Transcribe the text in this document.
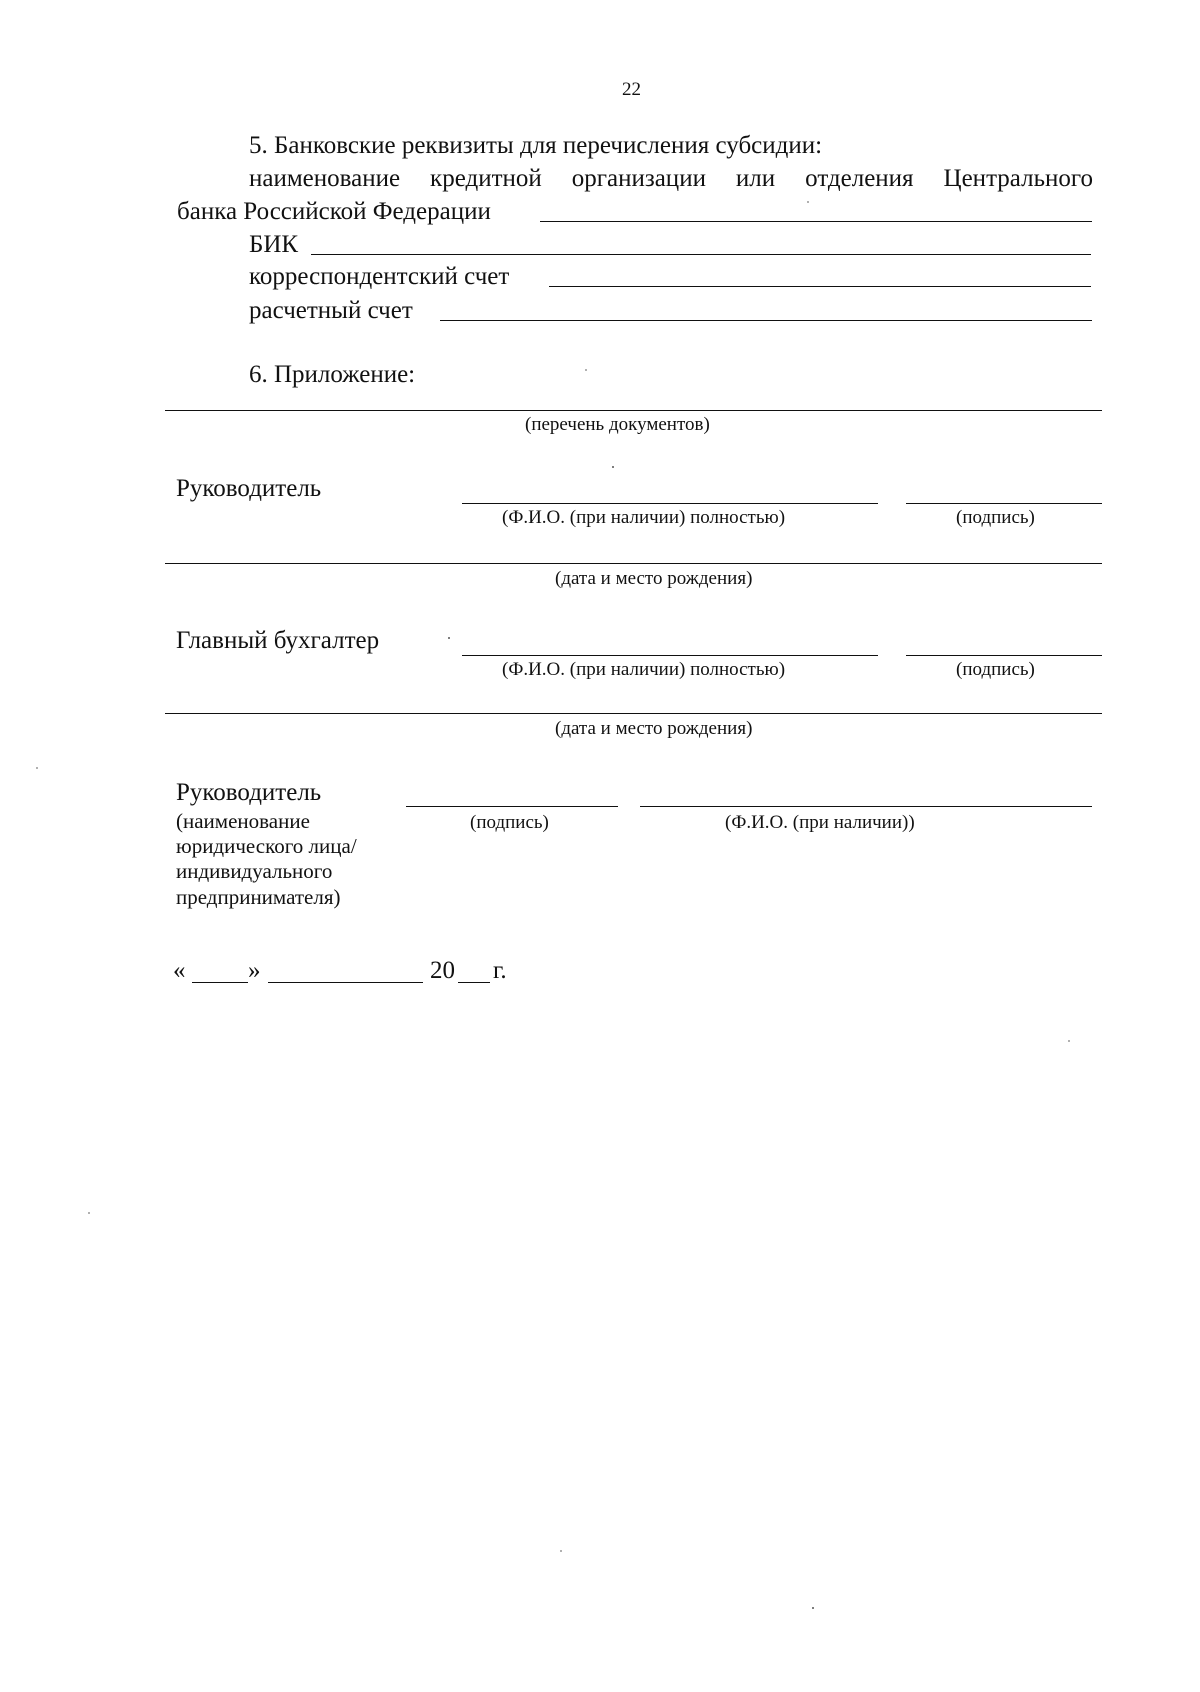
22
5. Банковские реквизиты для перечисления субсидии:
наименование кредитной организации или отделения Центрального
банка Российской Федерации
БИК
корреспондентский счет
расчетный счет
6. Приложение:
(перечень документов)
Руководитель
(Ф.И.О. (при наличии) полностью)	(подпись)
(дата и место рождения)
Главный бухгалтер
(Ф.И.О. (при наличии) полностью)	(подпись)
(дата и место рождения)
Руководитель
(наименование
юридического лица/
индивидуального
предпринимателя)
(подпись)	(Ф.И.О. (при наличии))
«	»	20 г.
